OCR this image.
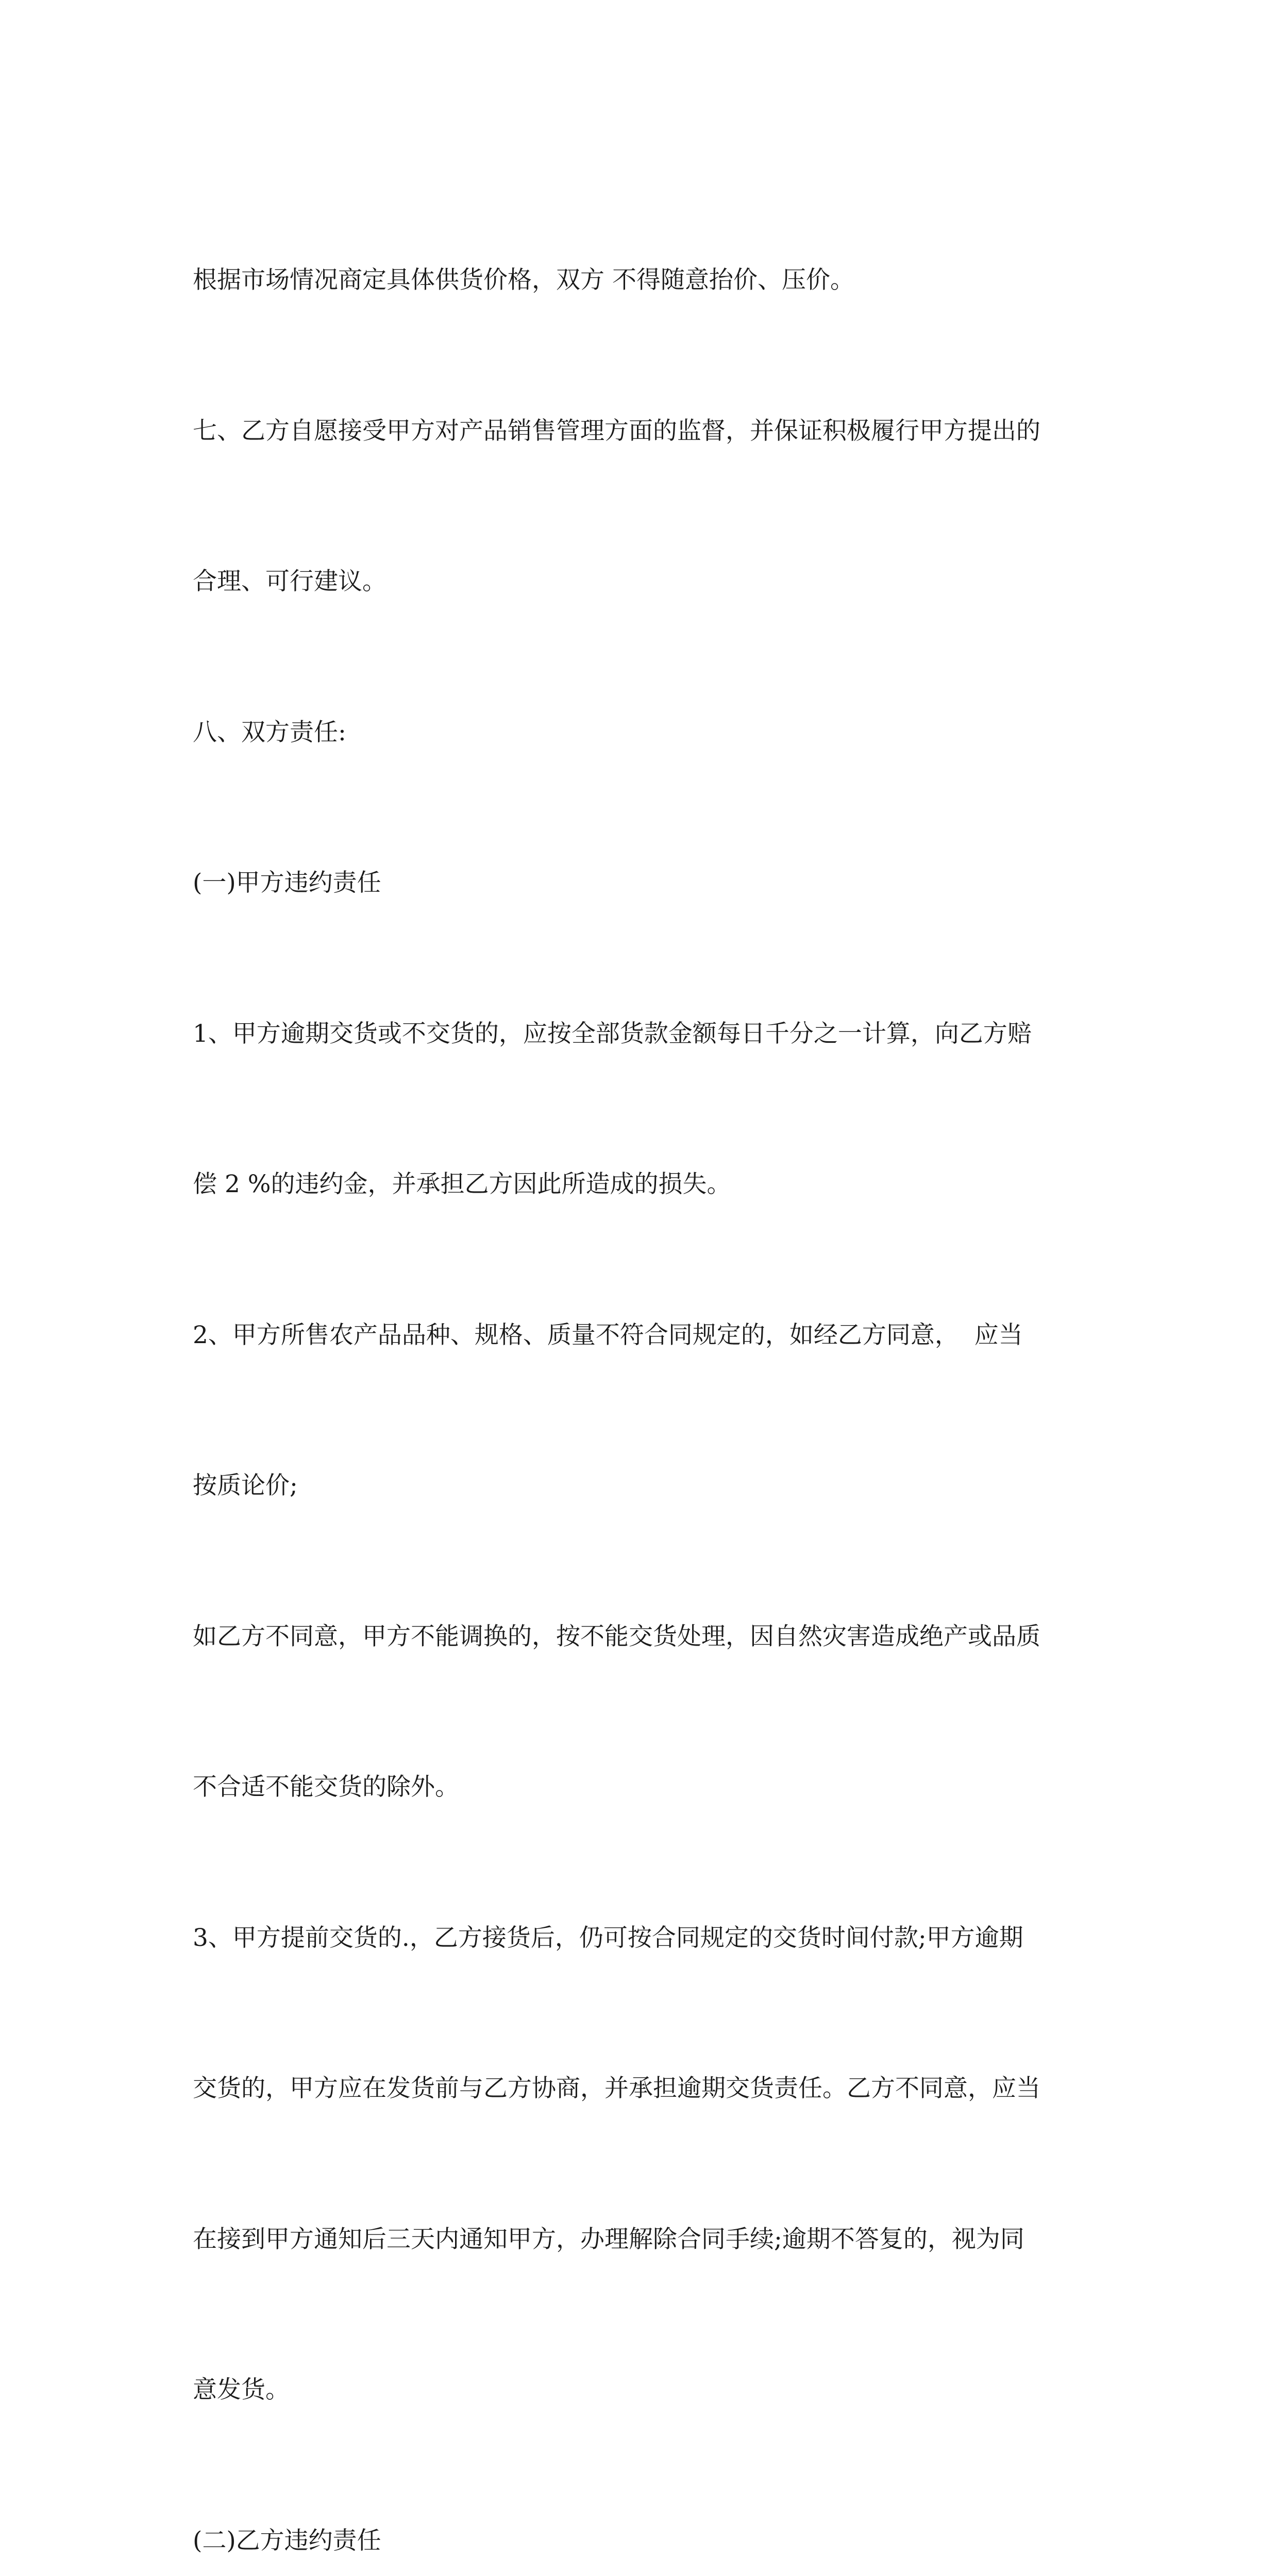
根据市场情况商定具体供货价格，双方 不得随意抬价、压价。

七、乙方自愿接受甲方对产品销售管理方面的监督，并保证积极履行甲方提出的

合理、可行建议。

八、双方责任:

(一)甲方违约责任

1、甲方逾期交货或不交货的，应按全部货款金额每日千分之一计算，向乙方赔

偿 2 %的违约金，并承担乙方因此所造成的损失。

2、甲方所售农产品品种、规格、质量不符合同规定的，如经乙方同意，  应当

按质论价;

如乙方不同意，甲方不能调换的，按不能交货处理，因自然灾害造成绝产或品质

不合适不能交货的除外。

3、甲方提前交货的.，乙方接货后，仍可按合同规定的交货时间付款;甲方逾期

交货的，甲方应在发货前与乙方协商，并承担逾期交货责任。乙方不同意，应当

在接到甲方通知后三天内通知甲方，办理解除合同手续;逾期不答复的，视为同

意发货。

(二)乙方违约责任
